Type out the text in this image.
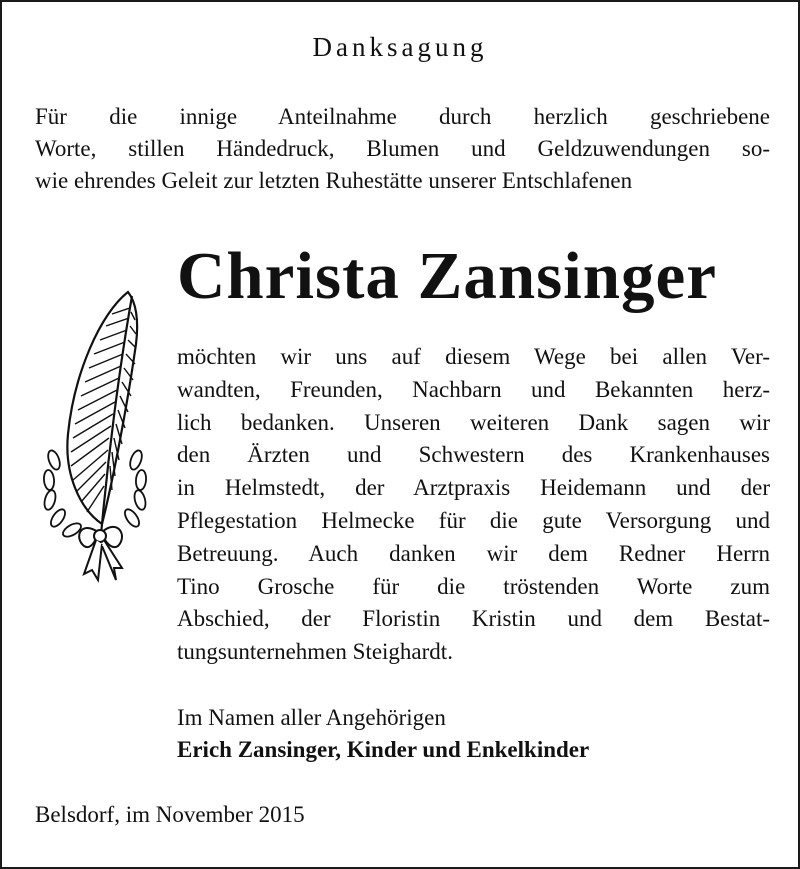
Danksagung
Für die innige Anteilnahme durch herzlich geschriebene
Worte, stillen Händedruck, Blumen und Geldzuwendungen so-
wie ehrendes Geleit zur letzten Ruhestätte unserer Entschlafenen
Christa Zansinger
möchten wir uns auf diesem Wege bei allen Ver-
wandten, Freunden, Nachbarn und Bekannten herz-
lich bedanken. Unseren weiteren Dank sagen wir
den Ärzten und Schwestern des Krankenhauses
in Helmstedt, der Arztpraxis Heidemann und der
Pflegestation Helmecke für die gute Versorgung und
Betreuung. Auch danken wir dem Redner Herrn
Tino Grosche für die tröstenden Worte zum
Abschied, der Floristin Kristin und dem Bestat-
tungsunternehmen Steighardt.
Im Namen aller Angehörigen
Erich Zansinger, Kinder und Enkelkinder
Belsdorf, im November 2015
